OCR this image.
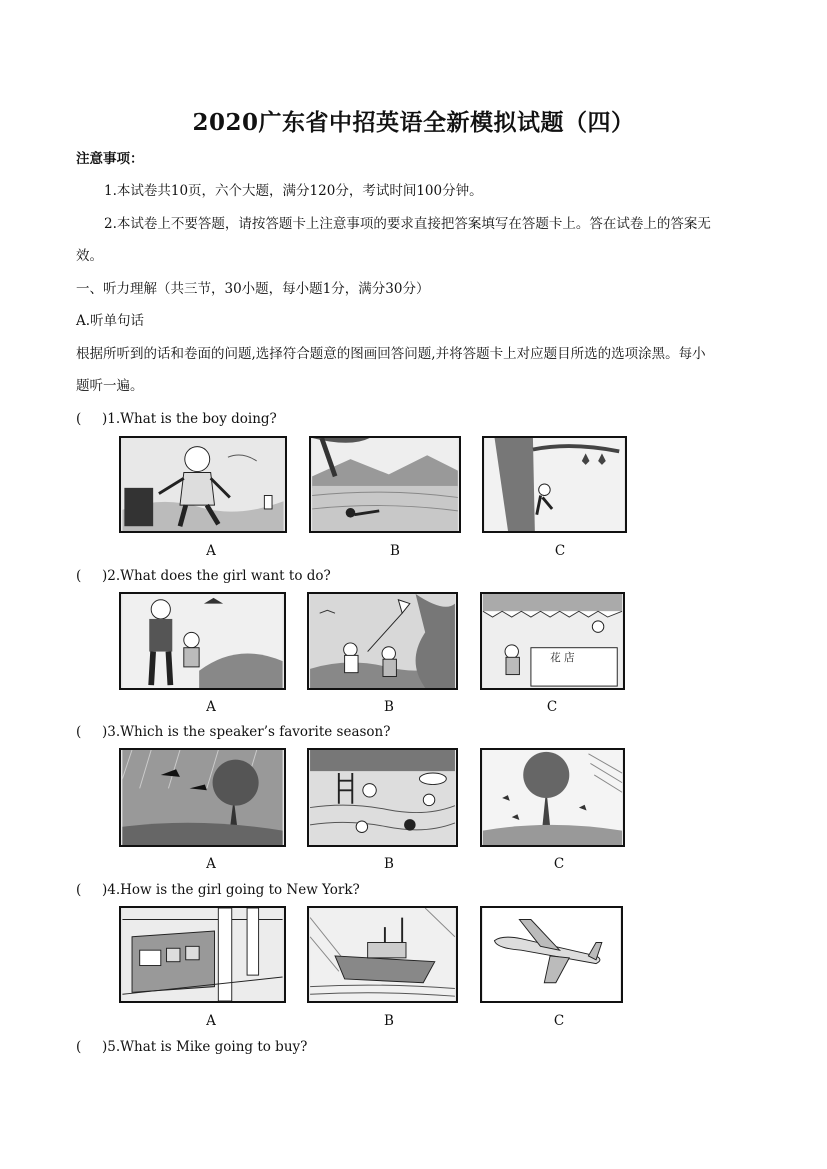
2020广东省中招英语全新模拟试题（四）
注意事项：
1.本试卷共10页，六个大题，满分120分，考试时间100分钟。
2.本试卷上不要答题，请按答题卡上注意事项的要求直接把答案填写在答题卡上。答在试卷上的答案无
效。
一、听力理解（共三节，30小题，每小题1分，满分30分）
A.听单句话
根据所听到的话和卷面的问题,选择符合题意的图画回答问题,并将答题卡上对应题目所选的选项涂黑。每小
题听一遍。
( )1.What is the boy doing?
A	B	C
( )2.What does the girl want to do?
花 店
A	B	C
( )3.Which is the speaker’s favorite season?
A	B	C
( )4.How is the girl going to New York?
A	B	C
( )5.What is Mike going to buy?
